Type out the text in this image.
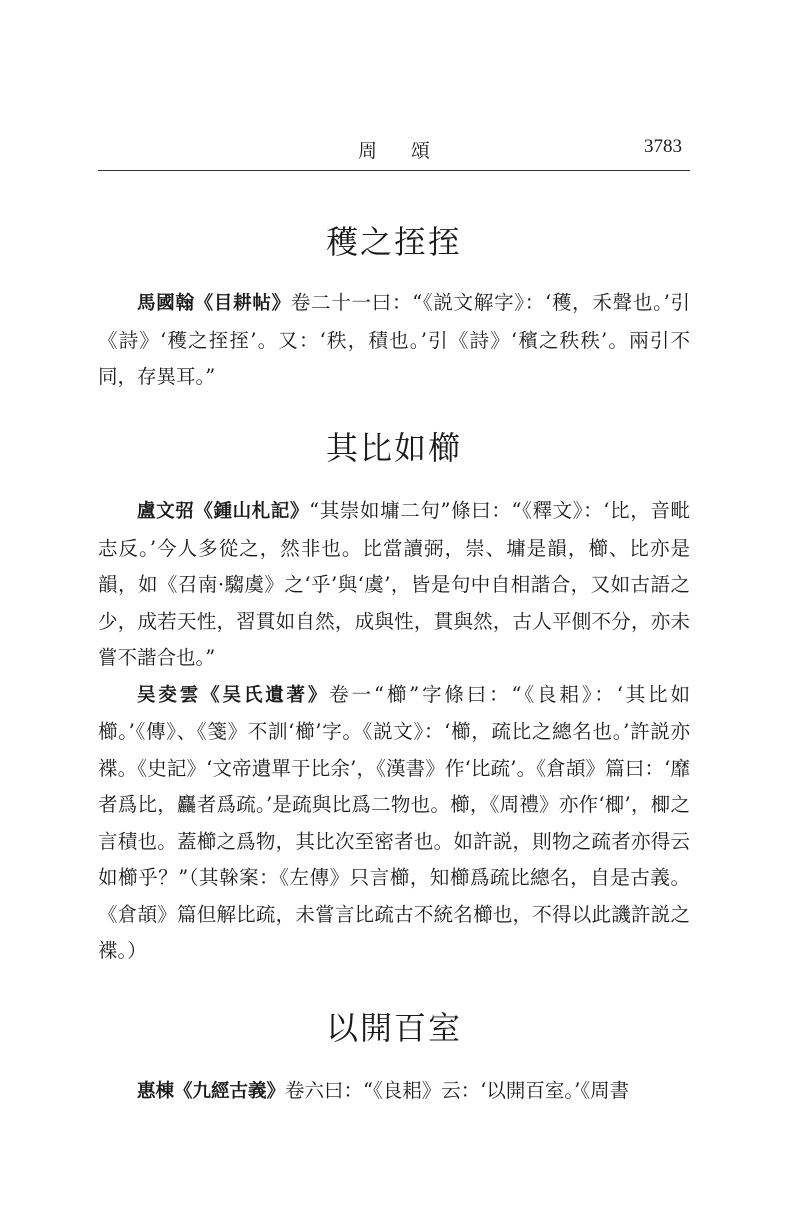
周頌	3783
穫之挃挃

馬國翰《目耕帖》卷二十一曰：“《説文解字》：‘穫，禾聲也。’引《詩》‘穫之挃挃’。又：‘秩，積也。’引《詩》‘穦之秩秩’。兩引不同，存異耳。”

其比如櫛

盧文弨《鍾山札記》“其崇如墉二句”條曰：“《釋文》：‘比，音毗志反。’今人多從之，然非也。比當讀弼，崇、墉是韻，櫛、比亦是韻，如《召南·騶虞》之‘乎’與‘虞’，皆是句中自相諧合，又如古語之少，成若天性，習貫如自然，成與性，貫與然，古人平側不分，亦未嘗不諧合也。”

吴夌雲《吴氏遺著》卷一“櫛”字條曰：“《良耜》：‘其比如櫛。’《傳》、《箋》不訓‘櫛’字。《説文》：‘櫛，疏比之總名也。’許説亦褋。《史記》‘文帝遺單于比余’，《漢書》作‘比疏’。《倉頡》篇曰：‘靡者爲比，麤者爲疏。’是疏與比爲二物也。櫛，《周禮》亦作‘楖’，楖之言積也。蓋櫛之爲物，其比次至密者也。如許説，則物之疏者亦得云如櫛乎？”（其榦案：《左傳》只言櫛，知櫛爲疏比總名，自是古義。《倉頡》篇但解比疏，未嘗言比疏古不統名櫛也，不得以此譏許説之褋。）

以開百室

惠棟《九經古義》卷六曰：“《良耜》云：‘以開百室。’《周書
